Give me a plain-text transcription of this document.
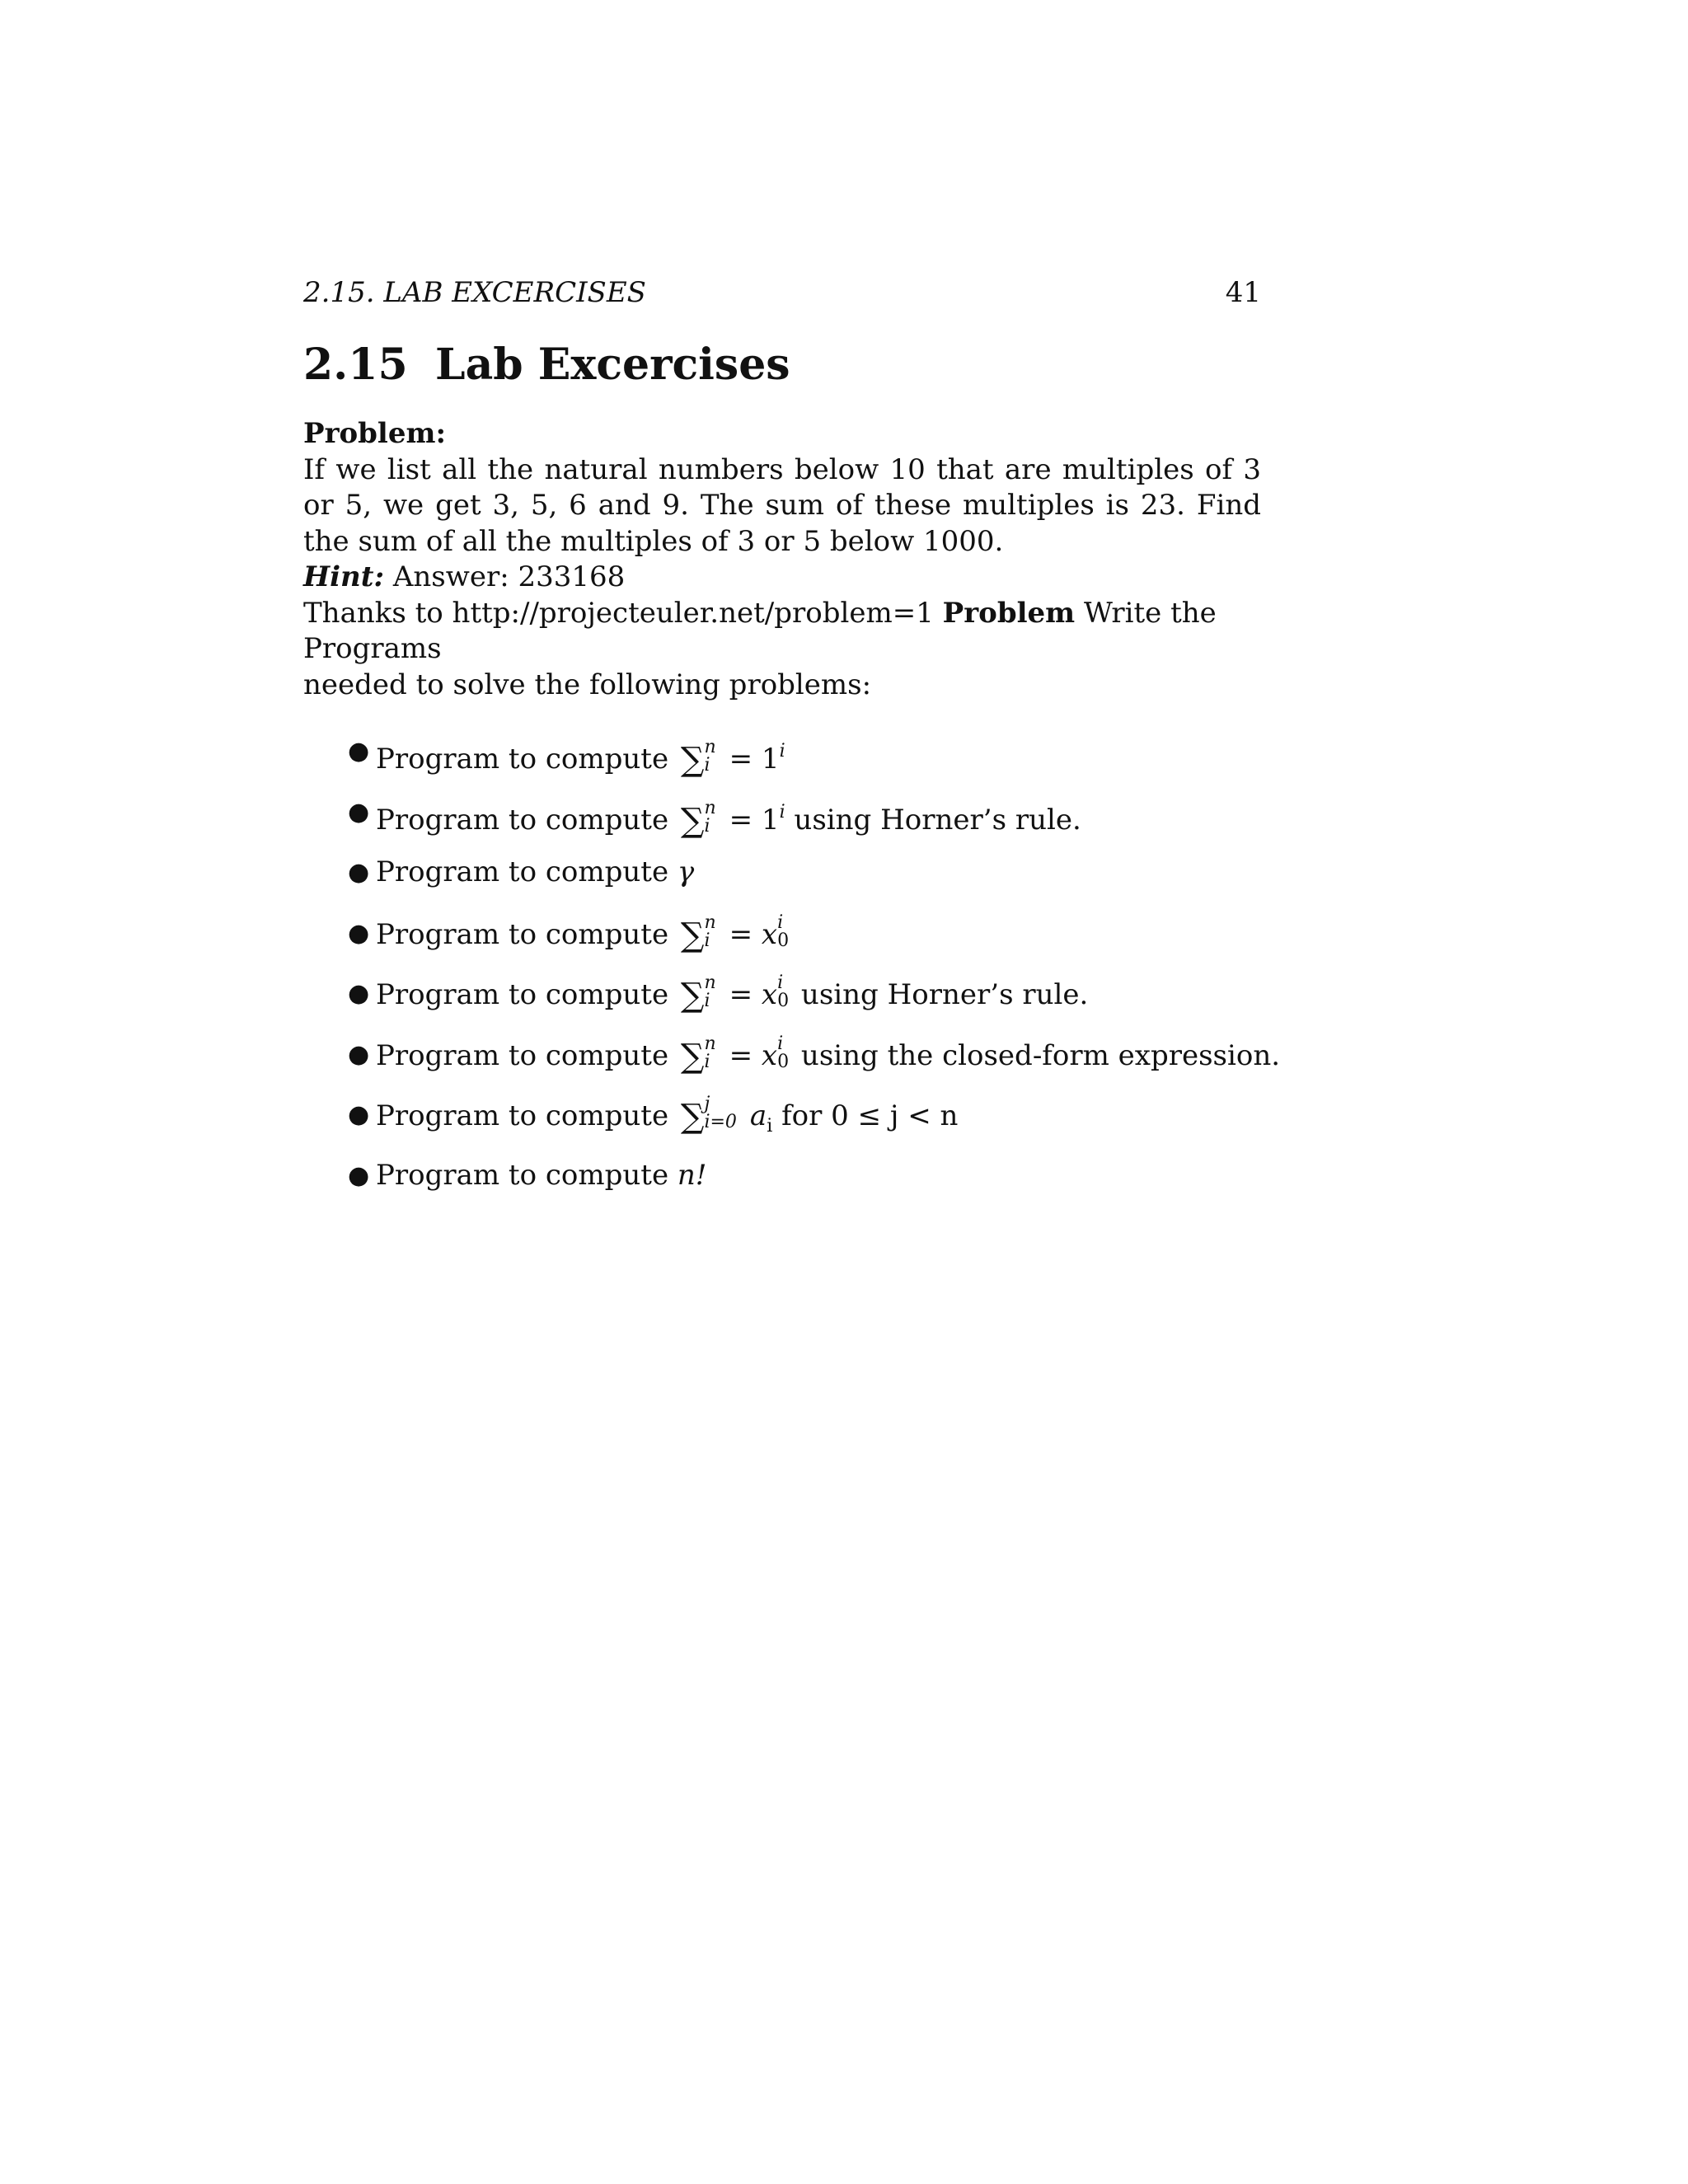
2.15. LAB EXCERCISES	41
2.15 Lab Excercises
Problem:
If we list all the natural numbers below 10 that are multiples of 3 or 5, we get 3, 5, 6 and 9. The sum of these multiples is 23. Find the sum of all the multiples of 3 or 5 below 1000.
Hint: Answer: 233168
Thanks to http://projecteuler.net/problem=1 Problem Write the Programs
needed to solve the following problems:
● Program to compute ∑ n
$i = 1^i$
● Program to compute ∑ n
$i = 1^i$ using Horner’s rule.
● Program to compute γ
● Program to compute ∑ n
i = x i
0
● Program to compute ∑ n
i = x i
0 using Horner’s rule.
● Program to compute ∑ n
i = x i
0 using the closed-form expression.
● Program to compute ∑ j
i=0 $a_i$ for 0 ≤ j < n
● Program to compute n!
